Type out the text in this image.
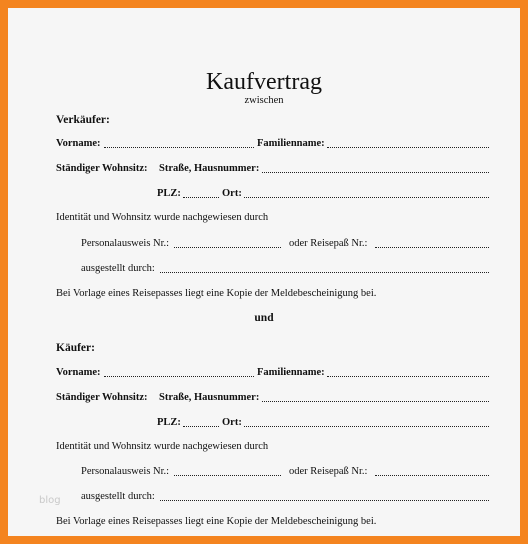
Kaufvertrag
zwischen
Verkäufer:
Vorname:	Familienname:
Ständiger Wohnsitz: Straße, Hausnummer:
PLZ:	Ort:
Identität und Wohnsitz wurde nachgewiesen durch
Personalausweis Nr.:	oder Reisepaß Nr.:
ausgestellt durch:
Bei Vorlage eines Reisepasses liegt eine Kopie der Meldebescheinigung bei.
und
Käufer:
Vorname:	Familienname:
Ständiger Wohnsitz: Straße, Hausnummer:
PLZ:	Ort:
Identität und Wohnsitz wurde nachgewiesen durch
Personalausweis Nr.:	oder Reisepaß Nr.:
ausgestellt durch:
Bei Vorlage eines Reisepasses liegt eine Kopie der Meldebescheinigung bei.
blog
